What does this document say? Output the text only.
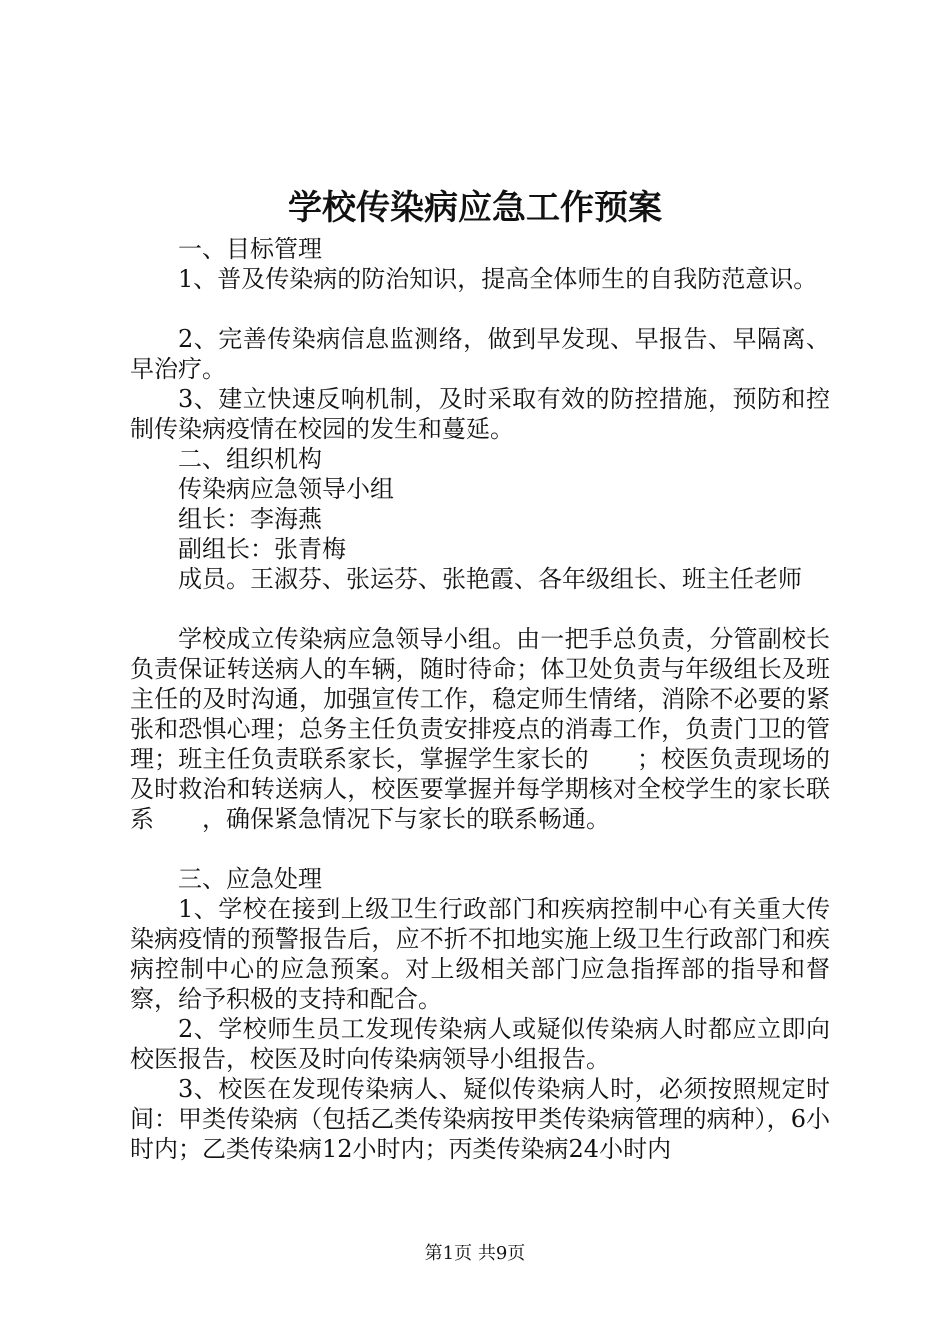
学校传染病应急工作预案

一、目标管理

1、普及传染病的防治知识，提高全体师生的自我防范意识。

2、完善传染病信息监测络，做到早发现、早报告、早隔离、早治疗。

3、建立快速反响机制，及时采取有效的防控措施，预防和控制传染病疫情在校园的发生和蔓延。

二、组织机构

传染病应急领导小组

组长：李海燕

副组长：张青梅

成员。王淑芬、张运芬、张艳霞、各年级组长、班主任老师

学校成立传染病应急领导小组。由一把手总负责，分管副校长负责保证转送病人的车辆，随时待命；体卫处负责与年级组长及班主任的及时沟通，加强宣传工作，稳定师生情绪，消除不必要的紧张和恐惧心理；总务主任负责安排疫点的消毒工作，负责门卫的管理；班主任负责联系家长，掌握学生家长的　　；校医负责现场的及时救治和转送病人，校医要掌握并每学期核对全校学生的家长联系　　，确保紧急情况下与家长的联系畅通。

三、应急处理

1、学校在接到上级卫生行政部门和疾病控制中心有关重大传染病疫情的预警报告后，应不折不扣地实施上级卫生行政部门和疾病控制中心的应急预案。对上级相关部门应急指挥部的指导和督察，给予积极的支持和配合。

2、学校师生员工发现传染病人或疑似传染病人时都应立即向校医报告，校医及时向传染病领导小组报告。

3、校医在发现传染病人、疑似传染病人时，必须按照规定时间：甲类传染病（包括乙类传染病按甲类传染病管理的病种），6小时内；乙类传染病12小时内；丙类传染病24小时内

第1页 共9页
